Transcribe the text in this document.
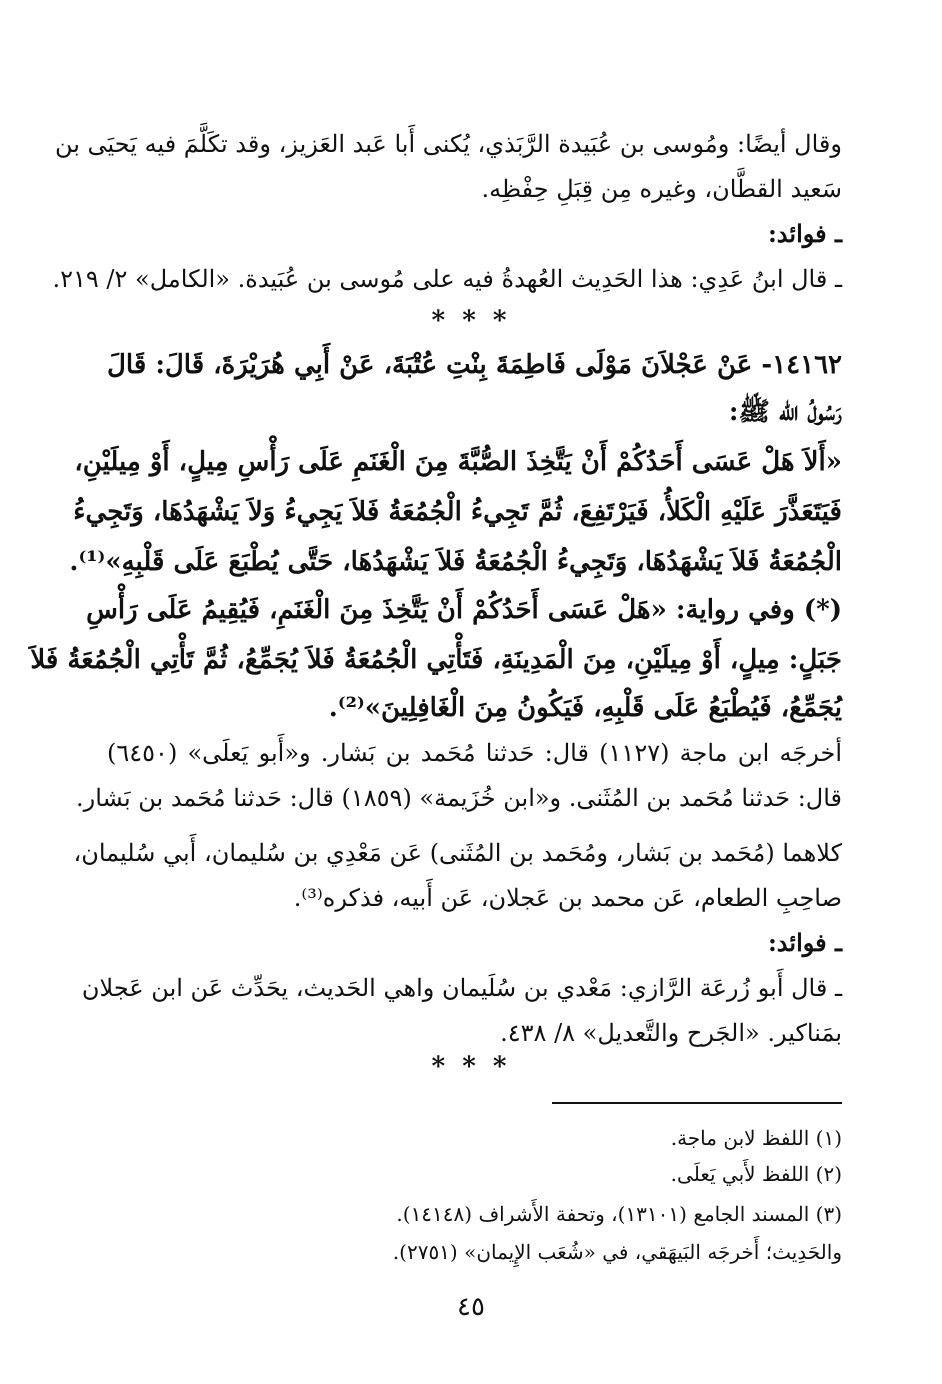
وقال أيضًا: ومُوسى بن عُبَيدة الرَّبَذي، يُكنى أَبا عَبد العَزيز، وقد تكَلَّمَ فيه يَحيَى بن
سَعيد القطَّان، وغيره مِن قِبَلِ حِفْظِه.
ـ فوائد:
ـ قال ابنُ عَدِي: هذا الحَدِيث العُهدةُ فيه على مُوسى بن عُبَيدة. «الكامل» ٢/ ٢١٩.
* * *
١٤١٦٢- عَنْ عَجْلاَنَ مَوْلَى فَاطِمَةَ بِنْتِ عُتْبَةَ، عَنْ أَبِي هُرَيْرَةَ، قَالَ: قَالَ
رَسُولُ الله ﷺ:
«أَلاَ هَلْ عَسَى أَحَدُكُمْ أَنْ يَتَّخِذَ الصُّبَّةَ مِنَ الْغَنَمِ عَلَى رَأْسِ مِيلٍ، أَوْ مِيلَيْنِ،
فَيَتَعَذَّرَ عَلَيْهِ الْكَلأُ، فَيَرْتَفِعَ، ثُمَّ تَجِيءُ الْجُمُعَةُ فَلاَ يَجِيءُ وَلاَ يَشْهَدُهَا، وَتَجِيءُ
الْجُمُعَةُ فَلاَ يَشْهَدُهَا، وَتَجِيءُ الْجُمُعَةُ فَلاَ يَشْهَدُهَا، حَتَّى يُطْبَعَ عَلَى قَلْبِهِ»⁽¹⁾.
(*) وفي رواية: «هَلْ عَسَى أَحَدُكُمْ أَنْ يَتَّخِذَ مِنَ الْغَنَمِ، فَيُقِيمُ عَلَى رَأْسِ
جَبَلٍ: مِيلٍ، أَوْ مِيلَيْنِ، مِنَ الْمَدِينَةِ، فَتَأْتِي الْجُمُعَةُ فَلاَ يُجَمِّعُ، ثُمَّ تَأْتِي الْجُمُعَةُ فَلاَ
يُجَمِّعُ، فَيُطْبَعُ عَلَى قَلْبِهِ، فَيَكُونُ مِنَ الْغَافِلِينَ»⁽²⁾.
أخرجَه ابن ماجة (١١٢٧) قال: حَدثنا مُحَمد بن بَشار. و«أَبو يَعلَى» (٦٤٥٠)
قال: حَدثنا مُحَمد بن المُثَنى. و«ابن خُزَيمة» (١٨٥٩) قال: حَدثنا مُحَمد بن بَشار.
كلاهما (مُحَمد بن بَشار، ومُحَمد بن المُثَنى) عَن مَعْدِي بن سُليمان، أَبي سُليمان،
صاحِبِ الطعام، عَن محمد بن عَجلان، عَن أَبيه، فذكره⁽³⁾.
ـ فوائد:
ـ قال أَبو زُرعَة الرَّازي: مَعْدي بن سُلَيمان واهي الحَديث، يحَدِّث عَن ابن عَجلان
بمَناكير. «الجَرح والتَّعديل» ٨/ ٤٣٨.
* * *
(١) اللفظ لابن ماجة.
(٢) اللفظ لأَبي يَعلَى.
(٣) المسند الجامع (١٣١٠١)، وتحفة الأَشراف (١٤١٤٨).
والحَدِيث؛ أَخرجَه البَيهَقي، في «شُعَب الإِيمان» (٢٧٥١).
٤٥
